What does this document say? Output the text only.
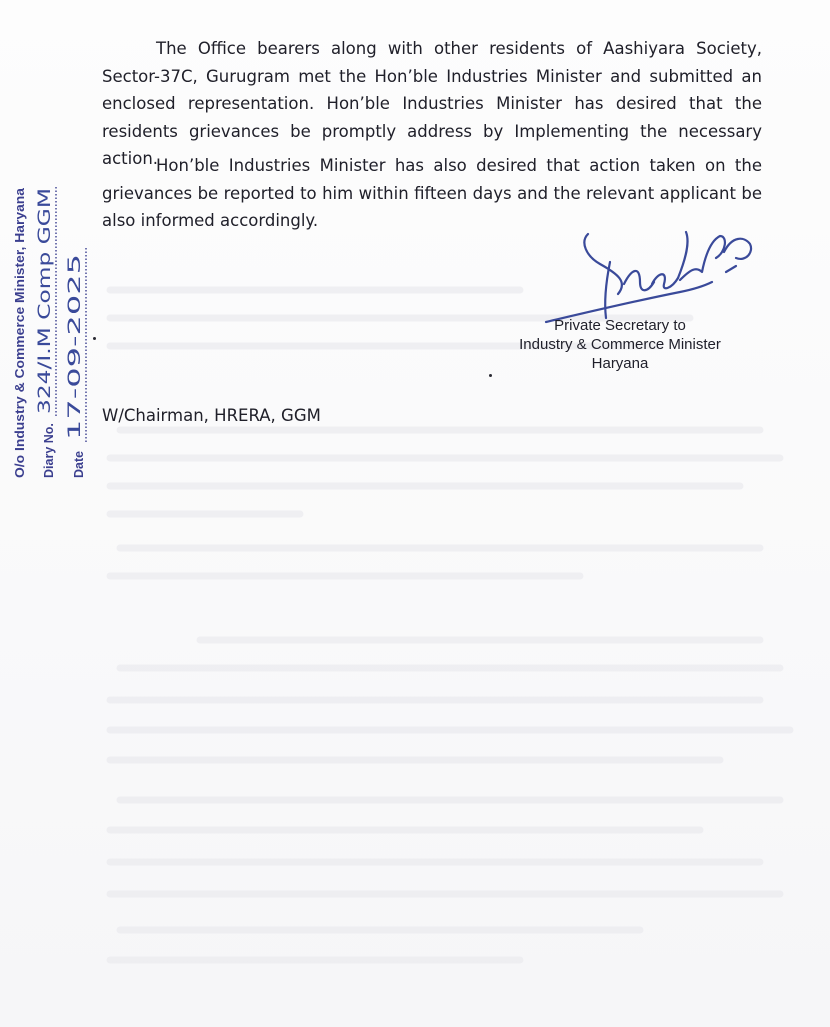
The Office bearers along with other residents of Aashiyara Society, Sector-37C, Gurugram met the Hon’ble Industries Minister and submitted an enclosed representation. Hon’ble Industries Minister has desired that the residents grievances be promptly address by Implementing the necessary action.

Hon’ble Industries Minister has also desired that action taken on the grievances be reported to him within fifteen days and the relevant applicant be also informed accordingly.

Private Secretary to
Industry & Commerce Minister
Haryana
W/Chairman, HRERA, GGM
O/o Industry & Commerce Minister, Haryana Diary No.
324/I.M Comp GGM
Date
17-09-2025
